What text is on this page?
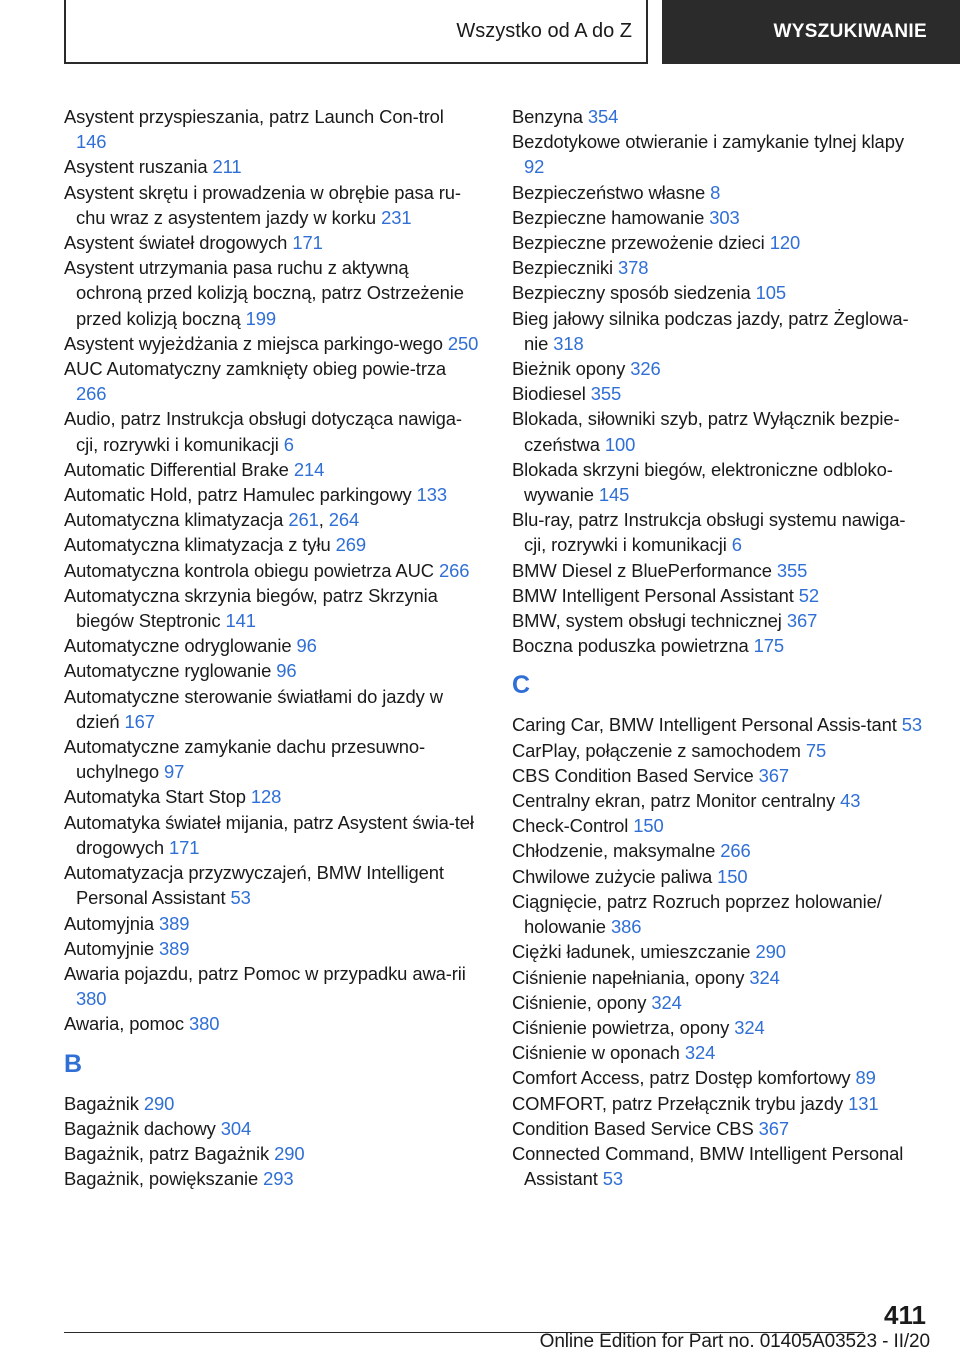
Wszystko od A do Z	WYSZUKIWANIE
Asystent przyspieszania, patrz Launch Con‐trol 146
Asystent ruszania 211
Asystent skrętu i prowadzenia w obrębie pasa ru‐chu wraz z asystentem jazdy w korku 231
Asystent świateł drogowych 171
Asystent utrzymania pasa ruchu z aktywną ochroną przed kolizją boczną, patrz Ostrzeżenie przed kolizją boczną 199
Asystent wyjeżdżania z miejsca parkingo‐wego 250
AUC Automatyczny zamknięty obieg powie‐trza 266
Audio, patrz Instrukcja obsługi dotycząca nawiga‐cji, rozrywki i komunikacji 6
Automatic Differential Brake 214
Automatic Hold, patrz Hamulec parkingowy 133
Automatyczna klimatyzacja 261, 264
Automatyczna klimatyzacja z tyłu 269
Automatyczna kontrola obiegu powietrza AUC 266
Automatyczna skrzynia biegów, patrz Skrzynia biegów Steptronic 141
Automatyczne odryglowanie 96
Automatyczne ryglowanie 96
Automatyczne sterowanie światłami do jazdy w dzień 167
Automatyczne zamykanie dachu przesuwno‐uchylnego 97
Automatyka Start Stop 128
Automatyka świateł mijania, patrz Asystent świa‐teł drogowych 171
Automatyzacja przyzwyczajeń, BMW Intelligent Personal Assistant 53
Automyjnia 389
Automyjnie 389
Awaria pojazdu, patrz Pomoc w przypadku awa‐rii 380
Awaria, pomoc 380
B
Bagażnik 290
Bagażnik dachowy 304
Bagażnik, patrz Bagażnik 290
Bagażnik, powiększanie 293
Benzyna 354
Bezdotykowe otwieranie i zamykanie tylnej klapy 92
Bezpieczeństwo własne 8
Bezpieczne hamowanie 303
Bezpieczne przewożenie dzieci 120
Bezpieczniki 378
Bezpieczny sposób siedzenia 105
Bieg jałowy silnika podczas jazdy, patrz Żeglowa‐nie 318
Bieżnik opony 326
Biodiesel 355
Blokada, siłowniki szyb, patrz Wyłącznik bezpie‐czeństwa 100
Blokada skrzyni biegów, elektroniczne odbloko‐wywanie 145
Blu-ray, patrz Instrukcja obsługi systemu nawiga‐cji, rozrywki i komunikacji 6
BMW Diesel z BluePerformance 355
BMW Intelligent Personal Assistant 52
BMW, system obsługi technicznej 367
Boczna poduszka powietrzna 175
C
Caring Car, BMW Intelligent Personal Assis‐tant 53
CarPlay, połączenie z samochodem 75
CBS Condition Based Service 367
Centralny ekran, patrz Monitor centralny 43
Check-Control 150
Chłodzenie, maksymalne 266
Chwilowe zużycie paliwa 150
Ciągnięcie, patrz Rozruch poprzez holowanie/ holowanie 386
Ciężki ładunek, umieszczanie 290
Ciśnienie napełniania, opony 324
Ciśnienie, opony 324
Ciśnienie powietrza, opony 324
Ciśnienie w oponach 324
Comfort Access, patrz Dostęp komfortowy 89
COMFORT, patrz Przełącznik trybu jazdy 131
Condition Based Service CBS 367
Connected Command, BMW Intelligent Personal Assistant 53
411
Online Edition for Part no. 01405A03523 - II/20
